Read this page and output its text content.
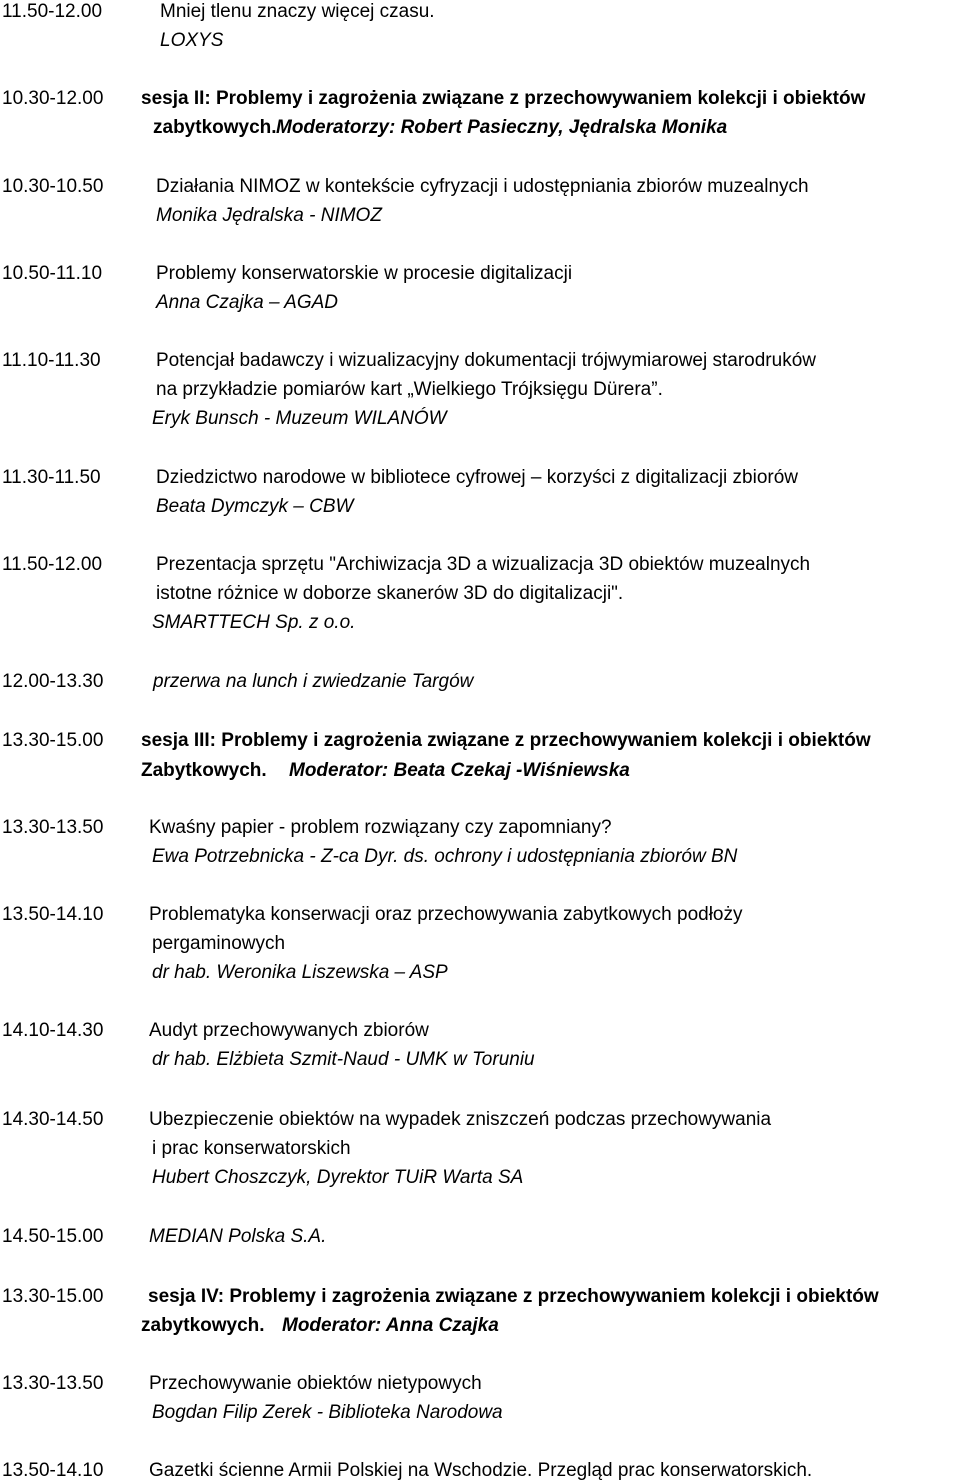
11.50-12.00	Mniej tlenu znaczy więcej czasu.
LOXYS
10.30-12.00 sesja II: Problemy i zagrożenia związane z przechowywaniem kolekcji i obiektów
zabytkowych. Moderatorzy: Robert Pasieczny, Jędralska Monika
10.30-10.50	Działania NIMOZ w kontekście cyfryzacji i udostępniania zbiorów muzealnych
Monika Jędralska - NIMOZ
10.50-11.10	Problemy konserwatorskie w procesie digitalizacji
Anna Czajka – AGAD
11.10-11.30	Potencjał badawczy i wizualizacyjny dokumentacji trójwymiarowej starodruków
na przykładzie pomiarów kart „Wielkiego Trójksięgu Dürera”.
Eryk Bunsch - Muzeum WILANÓW
11.30-11.50	Dziedzictwo narodowe w bibliotece cyfrowej – korzyści z digitalizacji zbiorów
Beata Dymczyk – CBW
11.50-12.00	Prezentacja sprzętu "Archiwizacja 3D a wizualizacja 3D obiektów muzealnych
istotne różnice w doborze skanerów 3D do digitalizacji".
SMARTTECH Sp. z o.o.
12.00-13.30	przerwa na lunch i zwiedzanie Targów
13.30-15.00 sesja III: Problemy i zagrożenia związane z przechowywaniem kolekcji i obiektów
Zabytkowych. Moderator: Beata Czekaj -Wiśniewska
13.30-13.50 Kwaśny papier - problem rozwiązany czy zapomniany?
Ewa Potrzebnicka - Z-ca Dyr. ds. ochrony i udostępniania zbiorów BN
13.50-14.10 Problematyka konserwacji oraz przechowywania zabytkowych podłoży
pergaminowych
dr hab. Weronika Liszewska – ASP
14.10-14.30 Audyt przechowywanych zbiorów
dr hab. Elżbieta Szmit-Naud - UMK w Toruniu
14.30-14.50 Ubezpieczenie obiektów na wypadek zniszczeń podczas przechowywania
i prac konserwatorskich
Hubert Choszczyk, Dyrektor TUiR Warta SA
14.50-15.00 MEDIAN Polska S.A.
13.30-15.00 sesja IV: Problemy i zagrożenia związane z przechowywaniem kolekcji i obiektów
zabytkowych. Moderator: Anna Czajka
13.30-13.50 Przechowywanie obiektów nietypowych
Bogdan Filip Zerek - Biblioteka Narodowa
13.50-14.10 Gazetki ścienne Armii Polskiej na Wschodzie. Przegląd prac konserwatorskich.
